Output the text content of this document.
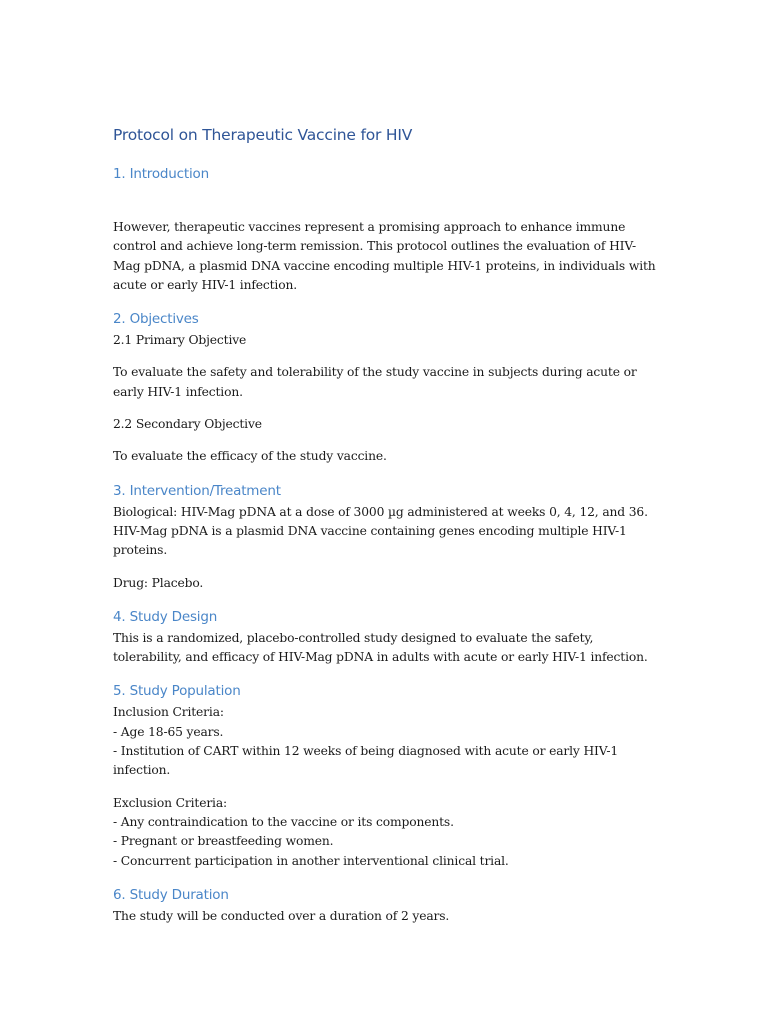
Protocol on Therapeutic Vaccine for HIV
1. Introduction

However, therapeutic vaccines represent a promising approach to enhance immune control and achieve long-term remission. This protocol outlines the evaluation of HIV-Mag pDNA, a plasmid DNA vaccine encoding multiple HIV-1 proteins, in individuals with acute or early HIV-1 infection.

2. Objectives

2.1 Primary Objective

To evaluate the safety and tolerability of the study vaccine in subjects during acute or early HIV-1 infection.

2.2 Secondary Objective

To evaluate the efficacy of the study vaccine.

3. Intervention/Treatment

Biological: HIV-Mag pDNA at a dose of 3000 µg administered at weeks 0, 4, 12, and 36. HIV-Mag pDNA is a plasmid DNA vaccine containing genes encoding multiple HIV-1 proteins.

Drug: Placebo.

4. Study Design

This is a randomized, placebo-controlled study designed to evaluate the safety, tolerability, and efficacy of HIV-Mag pDNA in adults with acute or early HIV-1 infection.

5. Study Population

Inclusion Criteria:

- Age 18-65 years.

- Institution of CART within 12 weeks of being diagnosed with acute or early HIV-1 infection.

Exclusion Criteria:

- Any contraindication to the vaccine or its components.

- Pregnant or breastfeeding women.

- Concurrent participation in another interventional clinical trial.

6. Study Duration

The study will be conducted over a duration of 2 years.
